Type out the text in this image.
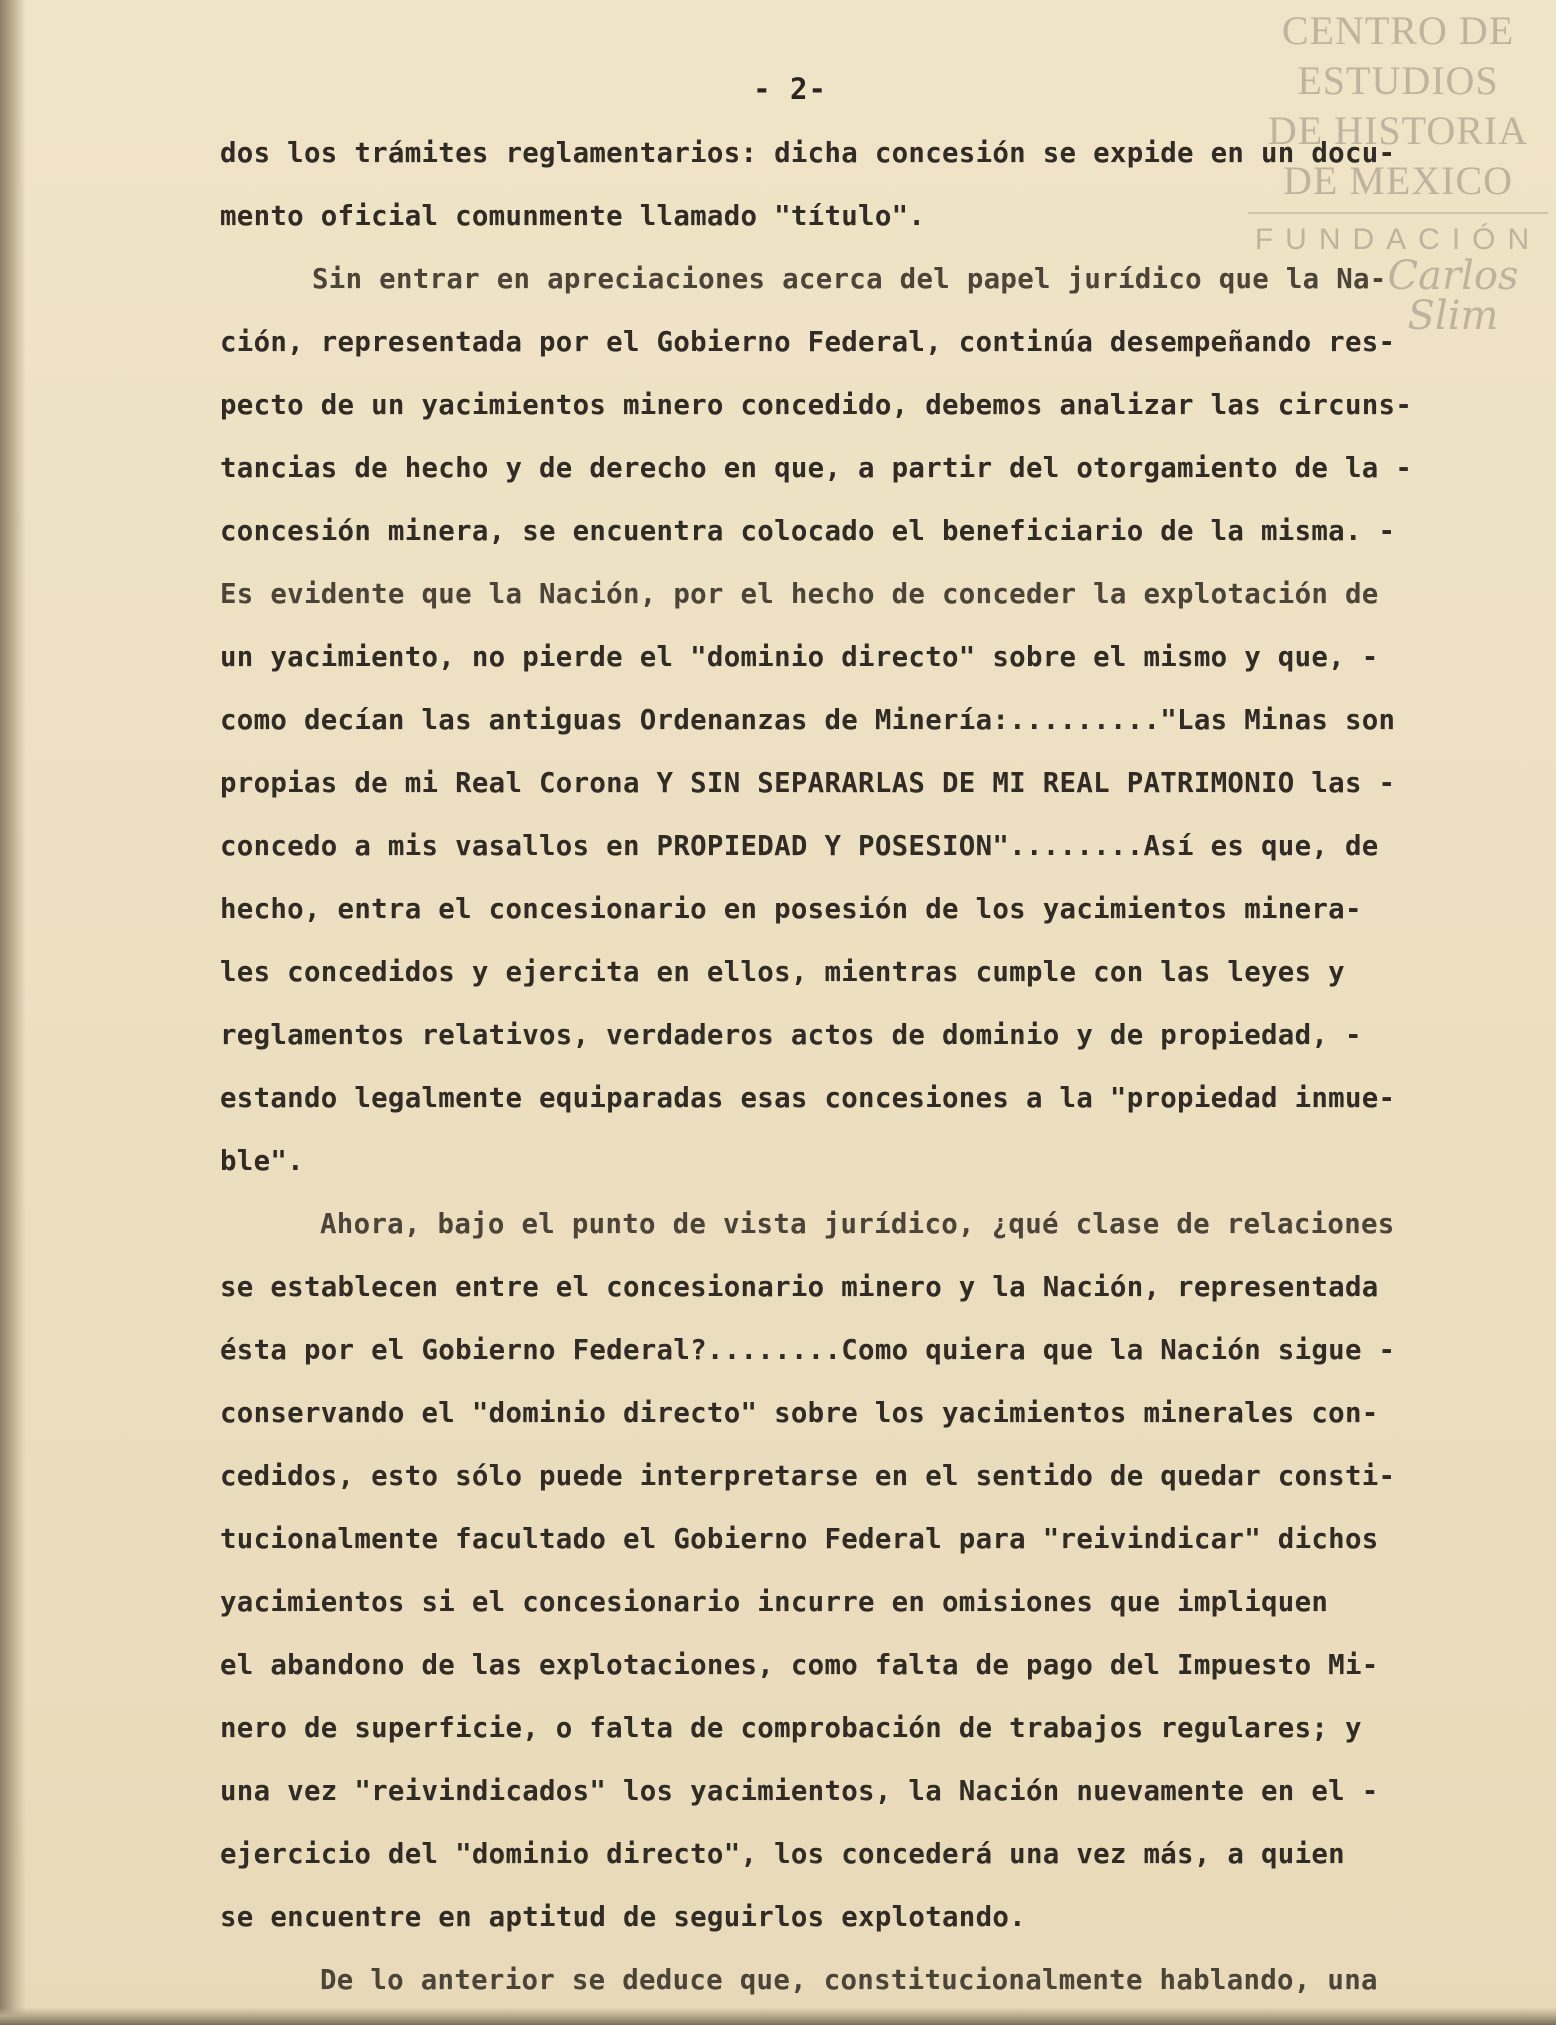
CENTRO DE
ESTUDIOS
DE HISTORIA
DE MEXICO
FUNDACIÓN
Carlos Slim
- 2-
dos los trámites reglamentarios: dicha concesión se expide en un docu-
mento oficial comunmente llamado "título".
Sin entrar en apreciaciones acerca del papel jurídico que la Na-
ción, representada por el Gobierno Federal, continúa desempeñando res-
pecto de un yacimientos minero concedido, debemos analizar las circuns-
tancias de hecho y de derecho en que, a partir del otorgamiento de la -
concesión minera, se encuentra colocado el beneficiario de la misma. -
Es evidente que la Nación, por el hecho de conceder la explotación de
un yacimiento, no pierde el "dominio directo" sobre el mismo y que, -
como decían las antiguas Ordenanzas de Minería:........."Las Minas son
propias de mi Real Corona Y SIN SEPARARLAS DE MI REAL PATRIMONIO las -
concedo a mis vasallos en PROPIEDAD Y POSESION"........Así es que, de
hecho, entra el concesionario en posesión de los yacimientos minera-
les concedidos y ejercita en ellos, mientras cumple con las leyes y
reglamentos relativos, verdaderos actos de dominio y de propiedad, -
estando legalmente equiparadas esas concesiones a la "propiedad inmue-
ble".
Ahora, bajo el punto de vista jurídico, ¿qué clase de relaciones
se establecen entre el concesionario minero y la Nación, representada
ésta por el Gobierno Federal?........Como quiera que la Nación sigue -
conservando el "dominio directo" sobre los yacimientos minerales con-
cedidos, esto sólo puede interpretarse en el sentido de quedar consti-
tucionalmente facultado el Gobierno Federal para "reivindicar" dichos
yacimientos si el concesionario incurre en omisiones que impliquen
el abandono de las explotaciones, como falta de pago del Impuesto Mi-
nero de superficie, o falta de comprobación de trabajos regulares; y
una vez "reivindicados" los yacimientos, la Nación nuevamente en el -
ejercicio del "dominio directo", los concederá una vez más, a quien
se encuentre en aptitud de seguirlos explotando.
De lo anterior se deduce que, constitucionalmente hablando, una
